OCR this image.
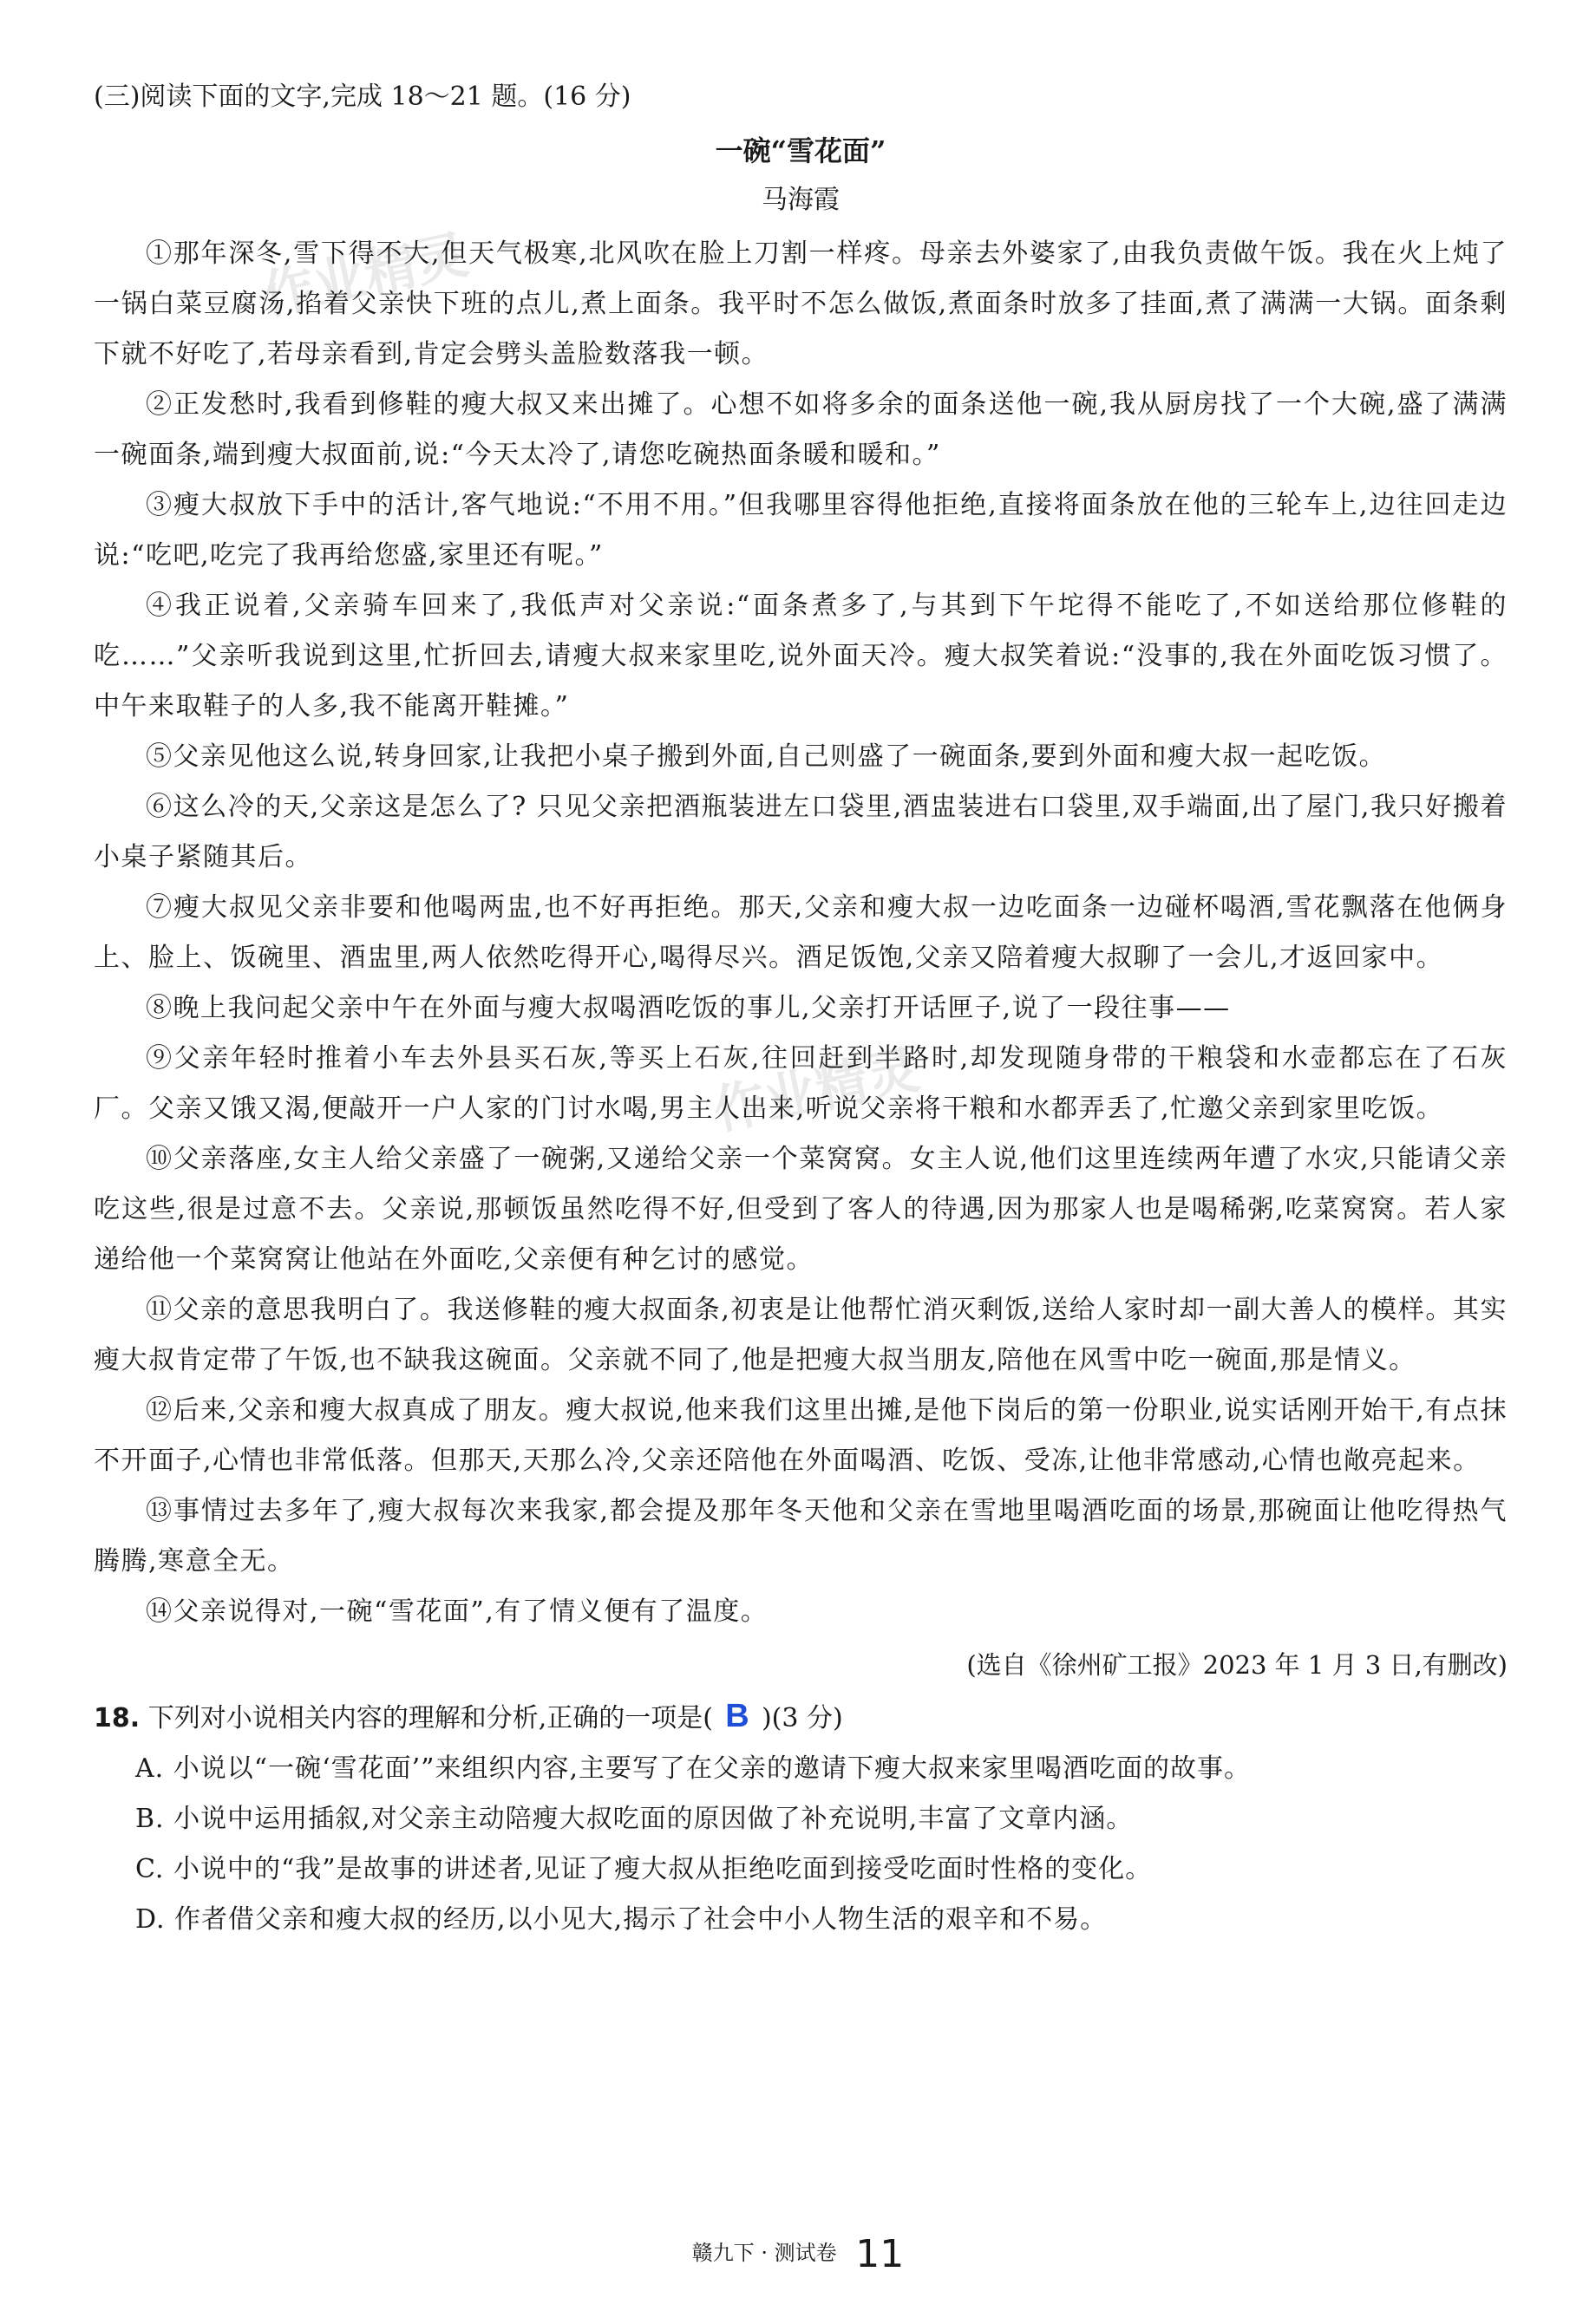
作业精灵
作业精灵

(三)阅读下面的文字,完成 18～21 题。(16 分)

一碗“雪花面”

马海霞

①那年深冬,雪下得不大,但天气极寒,北风吹在脸上刀割一样疼。母亲去外婆家了,由我负责做午饭。我在火上炖了一锅白菜豆腐汤,掐着父亲快下班的点儿,煮上面条。我平时不怎么做饭,煮面条时放多了挂面,煮了满满一大锅。面条剩下就不好吃了,若母亲看到,肯定会劈头盖脸数落我一顿。

②正发愁时,我看到修鞋的瘦大叔又来出摊了。心想不如将多余的面条送他一碗,我从厨房找了一个大碗,盛了满满一碗面条,端到瘦大叔面前,说:“今天太冷了,请您吃碗热面条暖和暖和。”

③瘦大叔放下手中的活计,客气地说:“不用不用。”但我哪里容得他拒绝,直接将面条放在他的三轮车上,边往回走边说:“吃吧,吃完了我再给您盛,家里还有呢。”

④我正说着,父亲骑车回来了,我低声对父亲说:“面条煮多了,与其到下午坨得不能吃了,不如送给那位修鞋的吃……”父亲听我说到这里,忙折回去,请瘦大叔来家里吃,说外面天冷。瘦大叔笑着说:“没事的,我在外面吃饭习惯了。中午来取鞋子的人多,我不能离开鞋摊。”

⑤父亲见他这么说,转身回家,让我把小桌子搬到外面,自己则盛了一碗面条,要到外面和瘦大叔一起吃饭。

⑥这么冷的天,父亲这是怎么了? 只见父亲把酒瓶装进左口袋里,酒盅装进右口袋里,双手端面,出了屋门,我只好搬着小桌子紧随其后。

⑦瘦大叔见父亲非要和他喝两盅,也不好再拒绝。那天,父亲和瘦大叔一边吃面条一边碰杯喝酒,雪花飘落在他俩身上、脸上、饭碗里、酒盅里,两人依然吃得开心,喝得尽兴。酒足饭饱,父亲又陪着瘦大叔聊了一会儿,才返回家中。

⑧晚上我问起父亲中午在外面与瘦大叔喝酒吃饭的事儿,父亲打开话匣子,说了一段往事——

⑨父亲年轻时推着小车去外县买石灰,等买上石灰,往回赶到半路时,却发现随身带的干粮袋和水壶都忘在了石灰厂。父亲又饿又渴,便敲开一户人家的门讨水喝,男主人出来,听说父亲将干粮和水都弄丢了,忙邀父亲到家里吃饭。

⑩父亲落座,女主人给父亲盛了一碗粥,又递给父亲一个菜窝窝。女主人说,他们这里连续两年遭了水灾,只能请父亲吃这些,很是过意不去。父亲说,那顿饭虽然吃得不好,但受到了客人的待遇,因为那家人也是喝稀粥,吃菜窝窝。若人家递给他一个菜窝窝让他站在外面吃,父亲便有种乞讨的感觉。

⑪父亲的意思我明白了。我送修鞋的瘦大叔面条,初衷是让他帮忙消灭剩饭,送给人家时却一副大善人的模样。其实瘦大叔肯定带了午饭,也不缺我这碗面。父亲就不同了,他是把瘦大叔当朋友,陪他在风雪中吃一碗面,那是情义。

⑫后来,父亲和瘦大叔真成了朋友。瘦大叔说,他来我们这里出摊,是他下岗后的第一份职业,说实话刚开始干,有点抹不开面子,心情也非常低落。但那天,天那么冷,父亲还陪他在外面喝酒、吃饭、受冻,让他非常感动,心情也敞亮起来。

⑬事情过去多年了,瘦大叔每次来我家,都会提及那年冬天他和父亲在雪地里喝酒吃面的场景,那碗面让他吃得热气腾腾,寒意全无。

⑭父亲说得对,一碗“雪花面”,有了情义便有了温度。

(选自《徐州矿工报》2023 年 1 月 3 日,有删改)

18. 下列对小说相关内容的理解和分析,正确的一项是( B )(3 分)

A. 小说以“一碗‘雪花面’”来组织内容,主要写了在父亲的邀请下瘦大叔来家里喝酒吃面的故事。

B. 小说中运用插叙,对父亲主动陪瘦大叔吃面的原因做了补充说明,丰富了文章内涵。

C. 小说中的“我”是故事的讲述者,见证了瘦大叔从拒绝吃面到接受吃面时性格的变化。

D. 作者借父亲和瘦大叔的经历,以小见大,揭示了社会中小人物生活的艰辛和不易。

赣九下 · 测试卷 11
